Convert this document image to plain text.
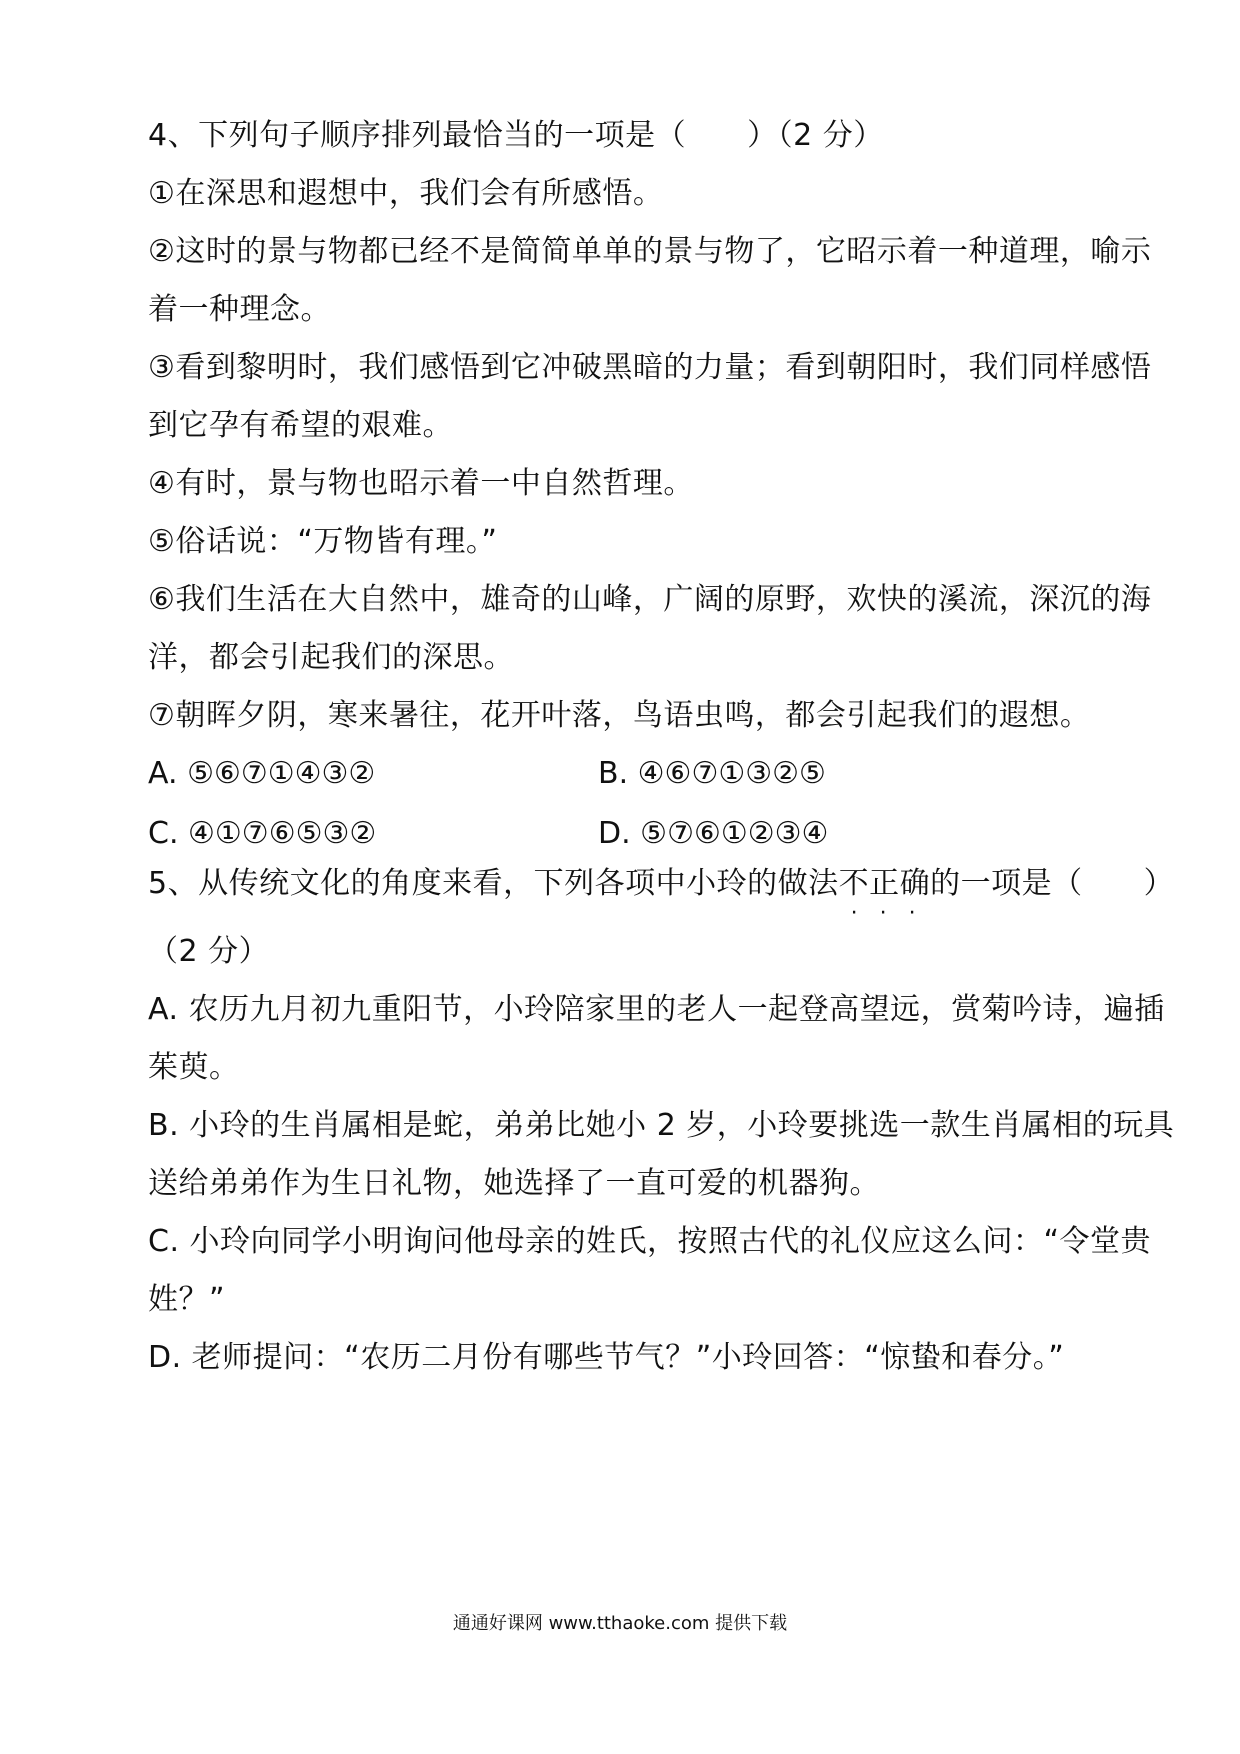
4、下列句子顺序排列最恰当的一项是（　　）（2 分）
①在深思和遐想中，我们会有所感悟。
②这时的景与物都已经不是简简单单的景与物了，它昭示着一种道理，喻示
着一种理念。
③看到黎明时，我们感悟到它冲破黑暗的力量；看到朝阳时，我们同样感悟
到它孕有希望的艰难。
④有时，景与物也昭示着一中自然哲理。
⑤俗话说：“万物皆有理。”
⑥我们生活在大自然中，雄奇的山峰，广阔的原野，欢快的溪流，深沉的海
洋，都会引起我们的深思。
⑦朝晖夕阴，寒来暑往，花开叶落，鸟语虫鸣，都会引起我们的遐想。
A. ⑤⑥⑦①④③②	B. ④⑥⑦①③②⑤
C. ④①⑦⑥⑤③②	D. ⑤⑦⑥①②③④
5、从传统文化的角度来看，下列各项中小玲的做法不正确 · · ·的一项是（　　）
（2 分）
A. 农历九月初九重阳节，小玲陪家里的老人一起登高望远，赏菊吟诗，遍插
茱萸。
B. 小玲的生肖属相是蛇，弟弟比她小 2 岁，小玲要挑选一款生肖属相的玩具
送给弟弟作为生日礼物，她选择了一直可爱的机器狗。
C. 小玲向同学小明询问他母亲的姓氏，按照古代的礼仪应这么问：“令堂贵
姓？”
D. 老师提问：“农历二月份有哪些节气？”小玲回答：“惊蛰和春分。”
通通好课网 www.tthaoke.com 提供下载
